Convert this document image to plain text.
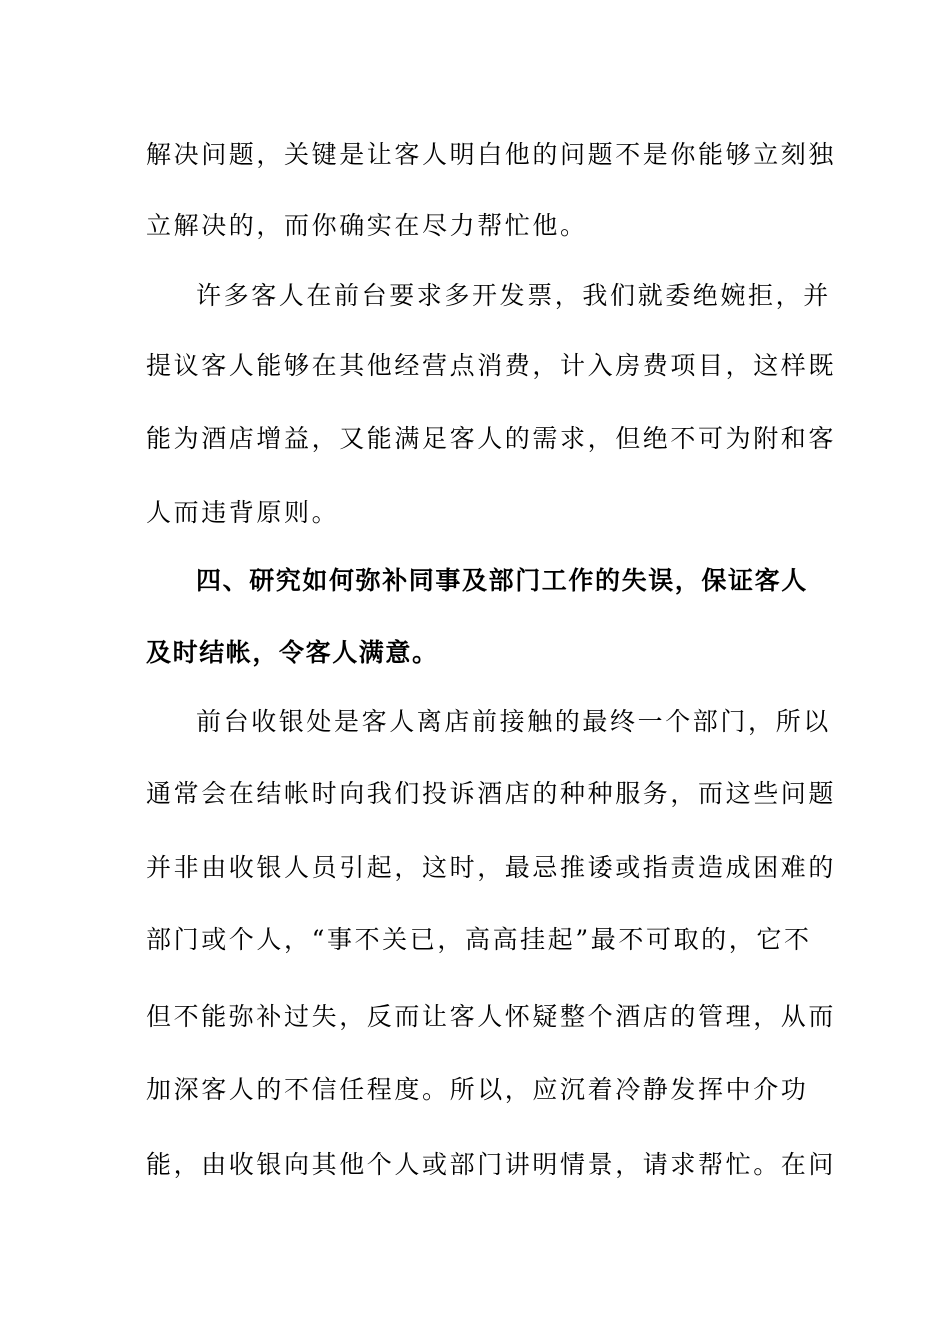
解决问题，关键是让客人明白他的问题不是你能够立刻独
立解决的，而你确实在尽力帮忙他。
许多客人在前台要求多开发票，我们就委绝婉拒，并
提议客人能够在其他经营点消费，计入房费项目，这样既
能为酒店增益，又能满足客人的需求，但绝不可为附和客
人而违背原则。
四、研究如何弥补同事及部门工作的失误，保证客人
及时结帐，令客人满意。
前台收银处是客人离店前接触的最终一个部门，所以
通常会在结帐时向我们投诉酒店的种种服务，而这些问题
并非由收银人员引起，这时，最忌推诿或指责造成困难的
部门或个人，“事不关已，高高挂起”最不可取的，它不
但不能弥补过失，反而让客人怀疑整个酒店的管理，从而
加深客人的不信任程度。所以，应沉着冷静发挥中介功
能，由收银向其他个人或部门讲明情景，请求帮忙。在问
